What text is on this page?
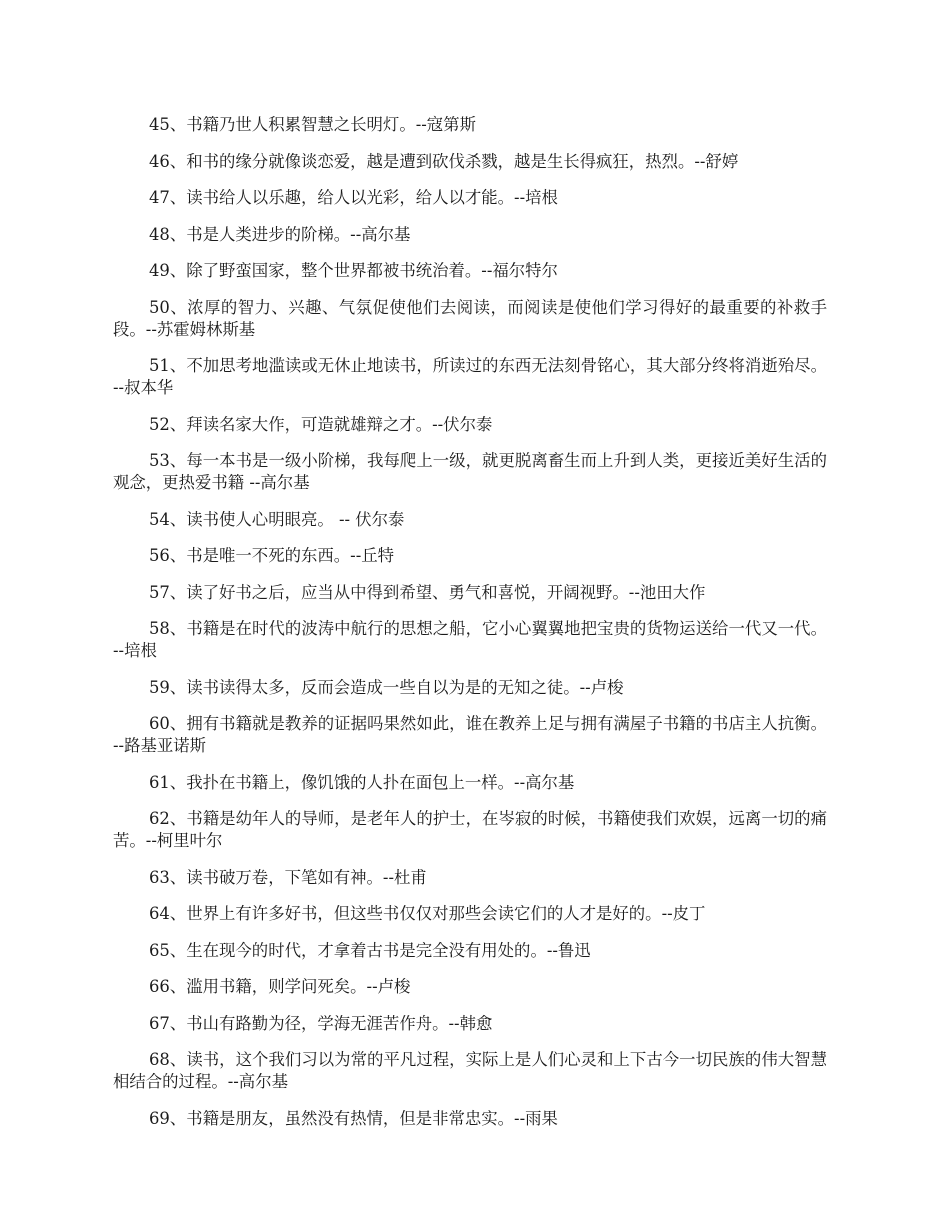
45、书籍乃世人积累智慧之长明灯。--寇第斯

46、和书的缘分就像谈恋爱，越是遭到砍伐杀戮，越是生长得疯狂，热烈。--舒婷

47、读书给人以乐趣，给人以光彩，给人以才能。--培根

48、书是人类进步的阶梯。--高尔基

49、除了野蛮国家，整个世界都被书统治着。--福尔特尔

50、浓厚的智力、兴趣、气氛促使他们去阅读，而阅读是使他们学习得好的最重要的补救手段。--苏霍姆林斯基

51、不加思考地滥读或无休止地读书，所读过的东西无法刻骨铭心，其大部分终将消逝殆尽。--叔本华

52、拜读名家大作，可造就雄辩之才。--伏尔泰

53、每一本书是一级小阶梯，我每爬上一级，就更脱离畜生而上升到人类，更接近美好生活的观念，更热爱书籍 --高尔基

54、读书使人心明眼亮。 -- 伏尔泰

56、书是唯一不死的东西。--丘特

57、读了好书之后，应当从中得到希望、勇气和喜悦，开阔视野。--池田大作

58、书籍是在时代的波涛中航行的思想之船，它小心翼翼地把宝贵的货物运送给一代又一代。--培根

59、读书读得太多，反而会造成一些自以为是的无知之徒。--卢梭

60、拥有书籍就是教养的证据吗果然如此，谁在教养上足与拥有满屋子书籍的书店主人抗衡。--路基亚诺斯

61、我扑在书籍上，像饥饿的人扑在面包上一样。--高尔基

62、书籍是幼年人的导师，是老年人的护士，在岑寂的时候，书籍使我们欢娱，远离一切的痛苦。--柯里叶尔

63、读书破万卷，下笔如有神。--杜甫

64、世界上有许多好书，但这些书仅仅对那些会读它们的人才是好的。--皮丁

65、生在现今的时代，才拿着古书是完全没有用处的。--鲁迅

66、滥用书籍，则学问死矣。--卢梭

67、书山有路勤为径，学海无涯苦作舟。--韩愈

68、读书，这个我们习以为常的平凡过程，实际上是人们心灵和上下古今一切民族的伟大智慧相结合的过程。--高尔基

69、书籍是朋友，虽然没有热情，但是非常忠实。--雨果
